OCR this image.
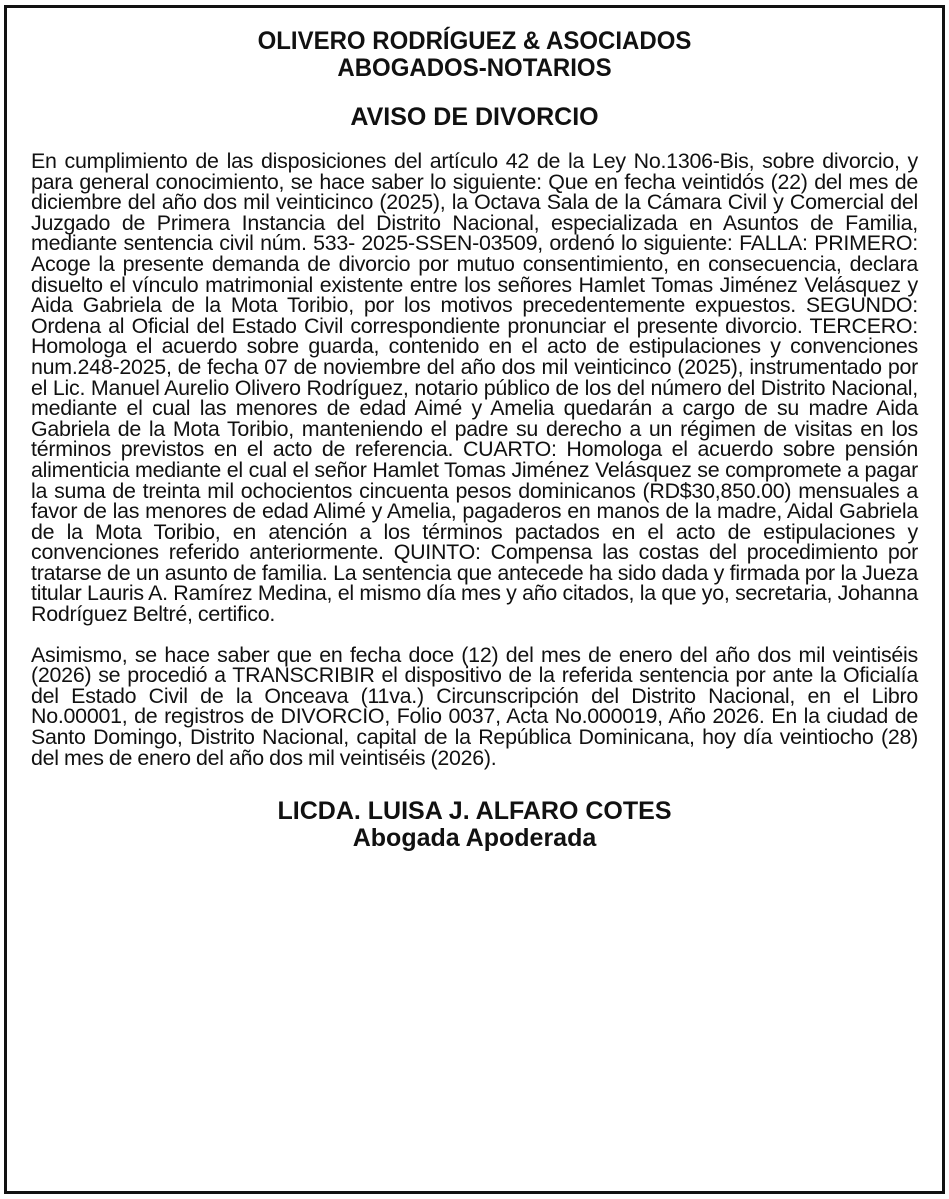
OLIVERO RODRÍGUEZ & ASOCIADOS

ABOGADOS-NOTARIOS

AVISO DE DIVORCIO

En cumplimiento de las disposiciones del artículo 42 de la Ley No.1306-Bis, sobre divorcio, y para general conocimiento, se hace saber lo siguiente: Que en fecha veintidós (22) del mes de diciembre del año dos mil veinticinco (2025), la Octava Sala de la Cámara Civil y Comercial del Juzgado de Primera Instancia del Distrito Nacional, especializada en Asuntos de Familia, mediante sentencia civil núm. 533- 2025-SSEN-03509, ordenó lo siguiente: FALLA: PRIMERO: Acoge la presente demanda de divorcio por mutuo consentimiento, en consecuencia, declara disuelto el vínculo matrimonial existente entre los señores Hamlet Tomas Jiménez Velásquez y Aida Gabriela de la Mota Toribio, por los motivos precedentemente expuestos. SEGUNDO: Ordena al Oficial del Estado Civil correspondiente pronunciar el presente divorcio. TERCERO: Homologa el acuerdo sobre guarda, contenido en el acto de estipulaciones y convenciones num.248-2025, de fecha 07 de noviembre del año dos mil veinticinco (2025), instrumentado por el Lic. Manuel Aurelio Olivero Rodríguez, notario público de los del número del Distrito Nacional, mediante el cual las menores de edad Aimé y Amelia quedarán a cargo de su madre Aida Gabriela de la Mota Toribio, manteniendo el padre su derecho a un régimen de visitas en los términos previstos en el acto de referencia. CUARTO: Homologa el acuerdo sobre pensión alimenticia mediante el cual el señor Hamlet Tomas Jiménez Velásquez se compromete a pagar la suma de treinta mil ochocientos cincuenta pesos dominicanos (RD$30,850.00) mensuales a favor de las menores de edad Alimé y Amelia, pagaderos en manos de la madre, Aidal Gabriela de la Mota Toribio, en atención a los términos pactados en el acto de estipulaciones y convenciones referido anteriormente. QUINTO: Compensa las costas del procedimiento por tratarse de un asunto de familia. La sentencia que antecede ha sido dada y firmada por la Jueza titular Lauris A. Ramírez Medina, el mismo día mes y año citados, la que yo, secretaria, Johanna Rodríguez Beltré, certifico.

Asimismo, se hace saber que en fecha doce (12) del mes de enero del año dos mil veintiséis (2026) se procedió a TRANSCRIBIR el dispositivo de la referida sentencia por ante la Oficialía del Estado Civil de la Onceava (11va.) Circunscripción del Distrito Nacional, en el Libro No.00001, de registros de DIVORCIO, Folio 0037, Acta No.000019, Año 2026. En la ciudad de Santo Domingo, Distrito Nacional, capital de la República Dominicana, hoy día veintiocho (28) del mes de enero del año dos mil veintiséis (2026).

LICDA. LUISA J. ALFARO COTES

Abogada Apoderada
